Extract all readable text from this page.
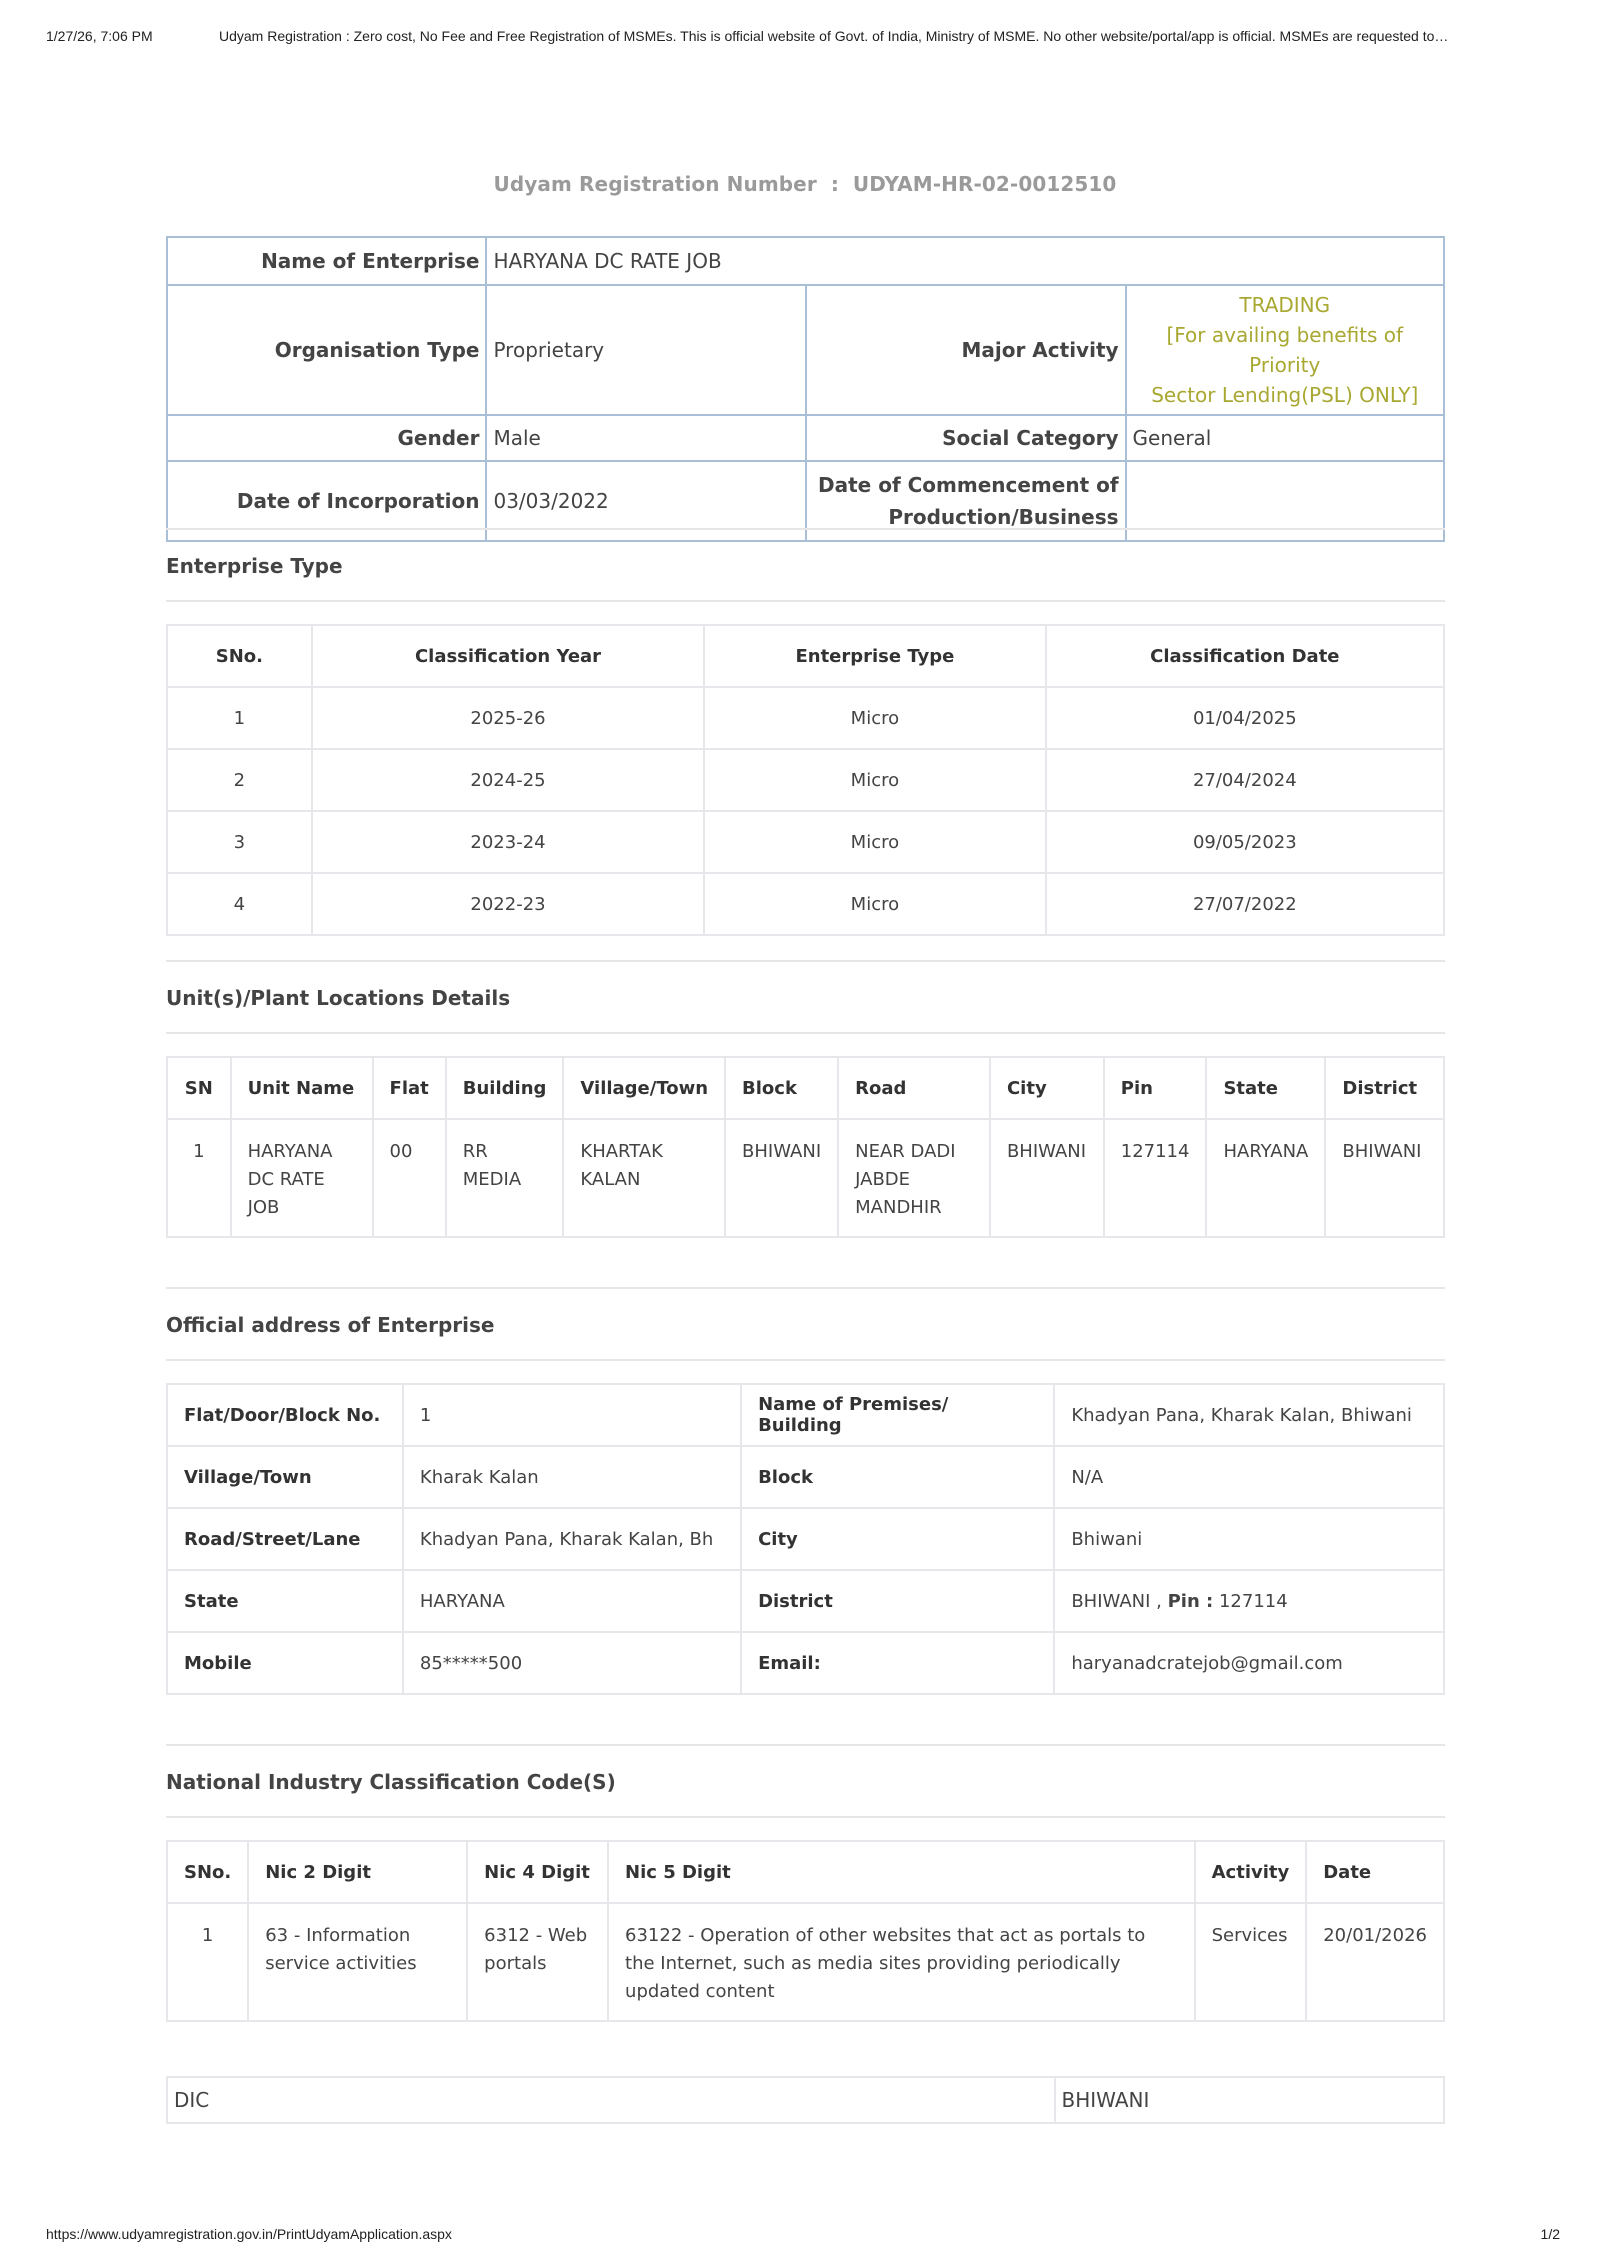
1/27/26, 7:06 PM	Udyam Registration : Zero cost, No Fee and Free Registration of MSMEs. This is official website of Govt. of India, Ministry of MSME. No other website/portal/app is official. MSMEs are requested to…
Udyam Registration Number : UDYAM-HR-02-0012510
Name of Enterprise	HARYANA DC RATE JOB		
Organisation Type	Proprietary	Major Activity	TRADING
[For availing benefits of Priority
Sector Lending(PSL) ONLY]

Gender	Male	Social Category	General
Date of Incorporation	03/03/2022	Date of Commencement of
Production/Business	

Enterprise Type
SNo.	Classification Year	Enterprise Type	Classification Date
1	2025-26	Micro	01/04/2025
2	2024-25	Micro	27/04/2024
3	2023-24	Micro	09/05/2023
4	2022-23	Micro	27/07/2022
Unit(s)/Plant Locations Details
SN	Unit Name	Flat	Building	Village/Town	Block	Road	City	Pin	State	District
1	HARYANA DC RATE JOB	00	RR MEDIA	KHARTAK KALAN	BHIWANI	NEAR DADI JABDE MANDHIR	BHIWANI	127114	HARYANA	BHIWANI
Official address of Enterprise
Flat/Door/Block No.	1	Name of Premises/ Building	Khadyan Pana, Kharak Kalan, Bhiwani
Village/Town	Kharak Kalan	Block	N/A
Road/Street/Lane	Khadyan Pana, Kharak Kalan, Bh	City	Bhiwani
State	HARYANA	District	BHIWANI , Pin : 127114
Mobile	85*****500	Email:	haryanadcratejob@gmail.com
National Industry Classification Code(S)
SNo.	Nic 2 Digit	Nic 4 Digit	Nic 5 Digit	Activity	Date
1	63 - Information service activities	6312 - Web portals	63122 - Operation of other websites that act as portals to the Internet, such as media sites providing periodically updated content	Services	20/01/2026
DIC	BHIWANI
https://www.udyamregistration.gov.in/PrintUdyamApplication.aspx	1/2
